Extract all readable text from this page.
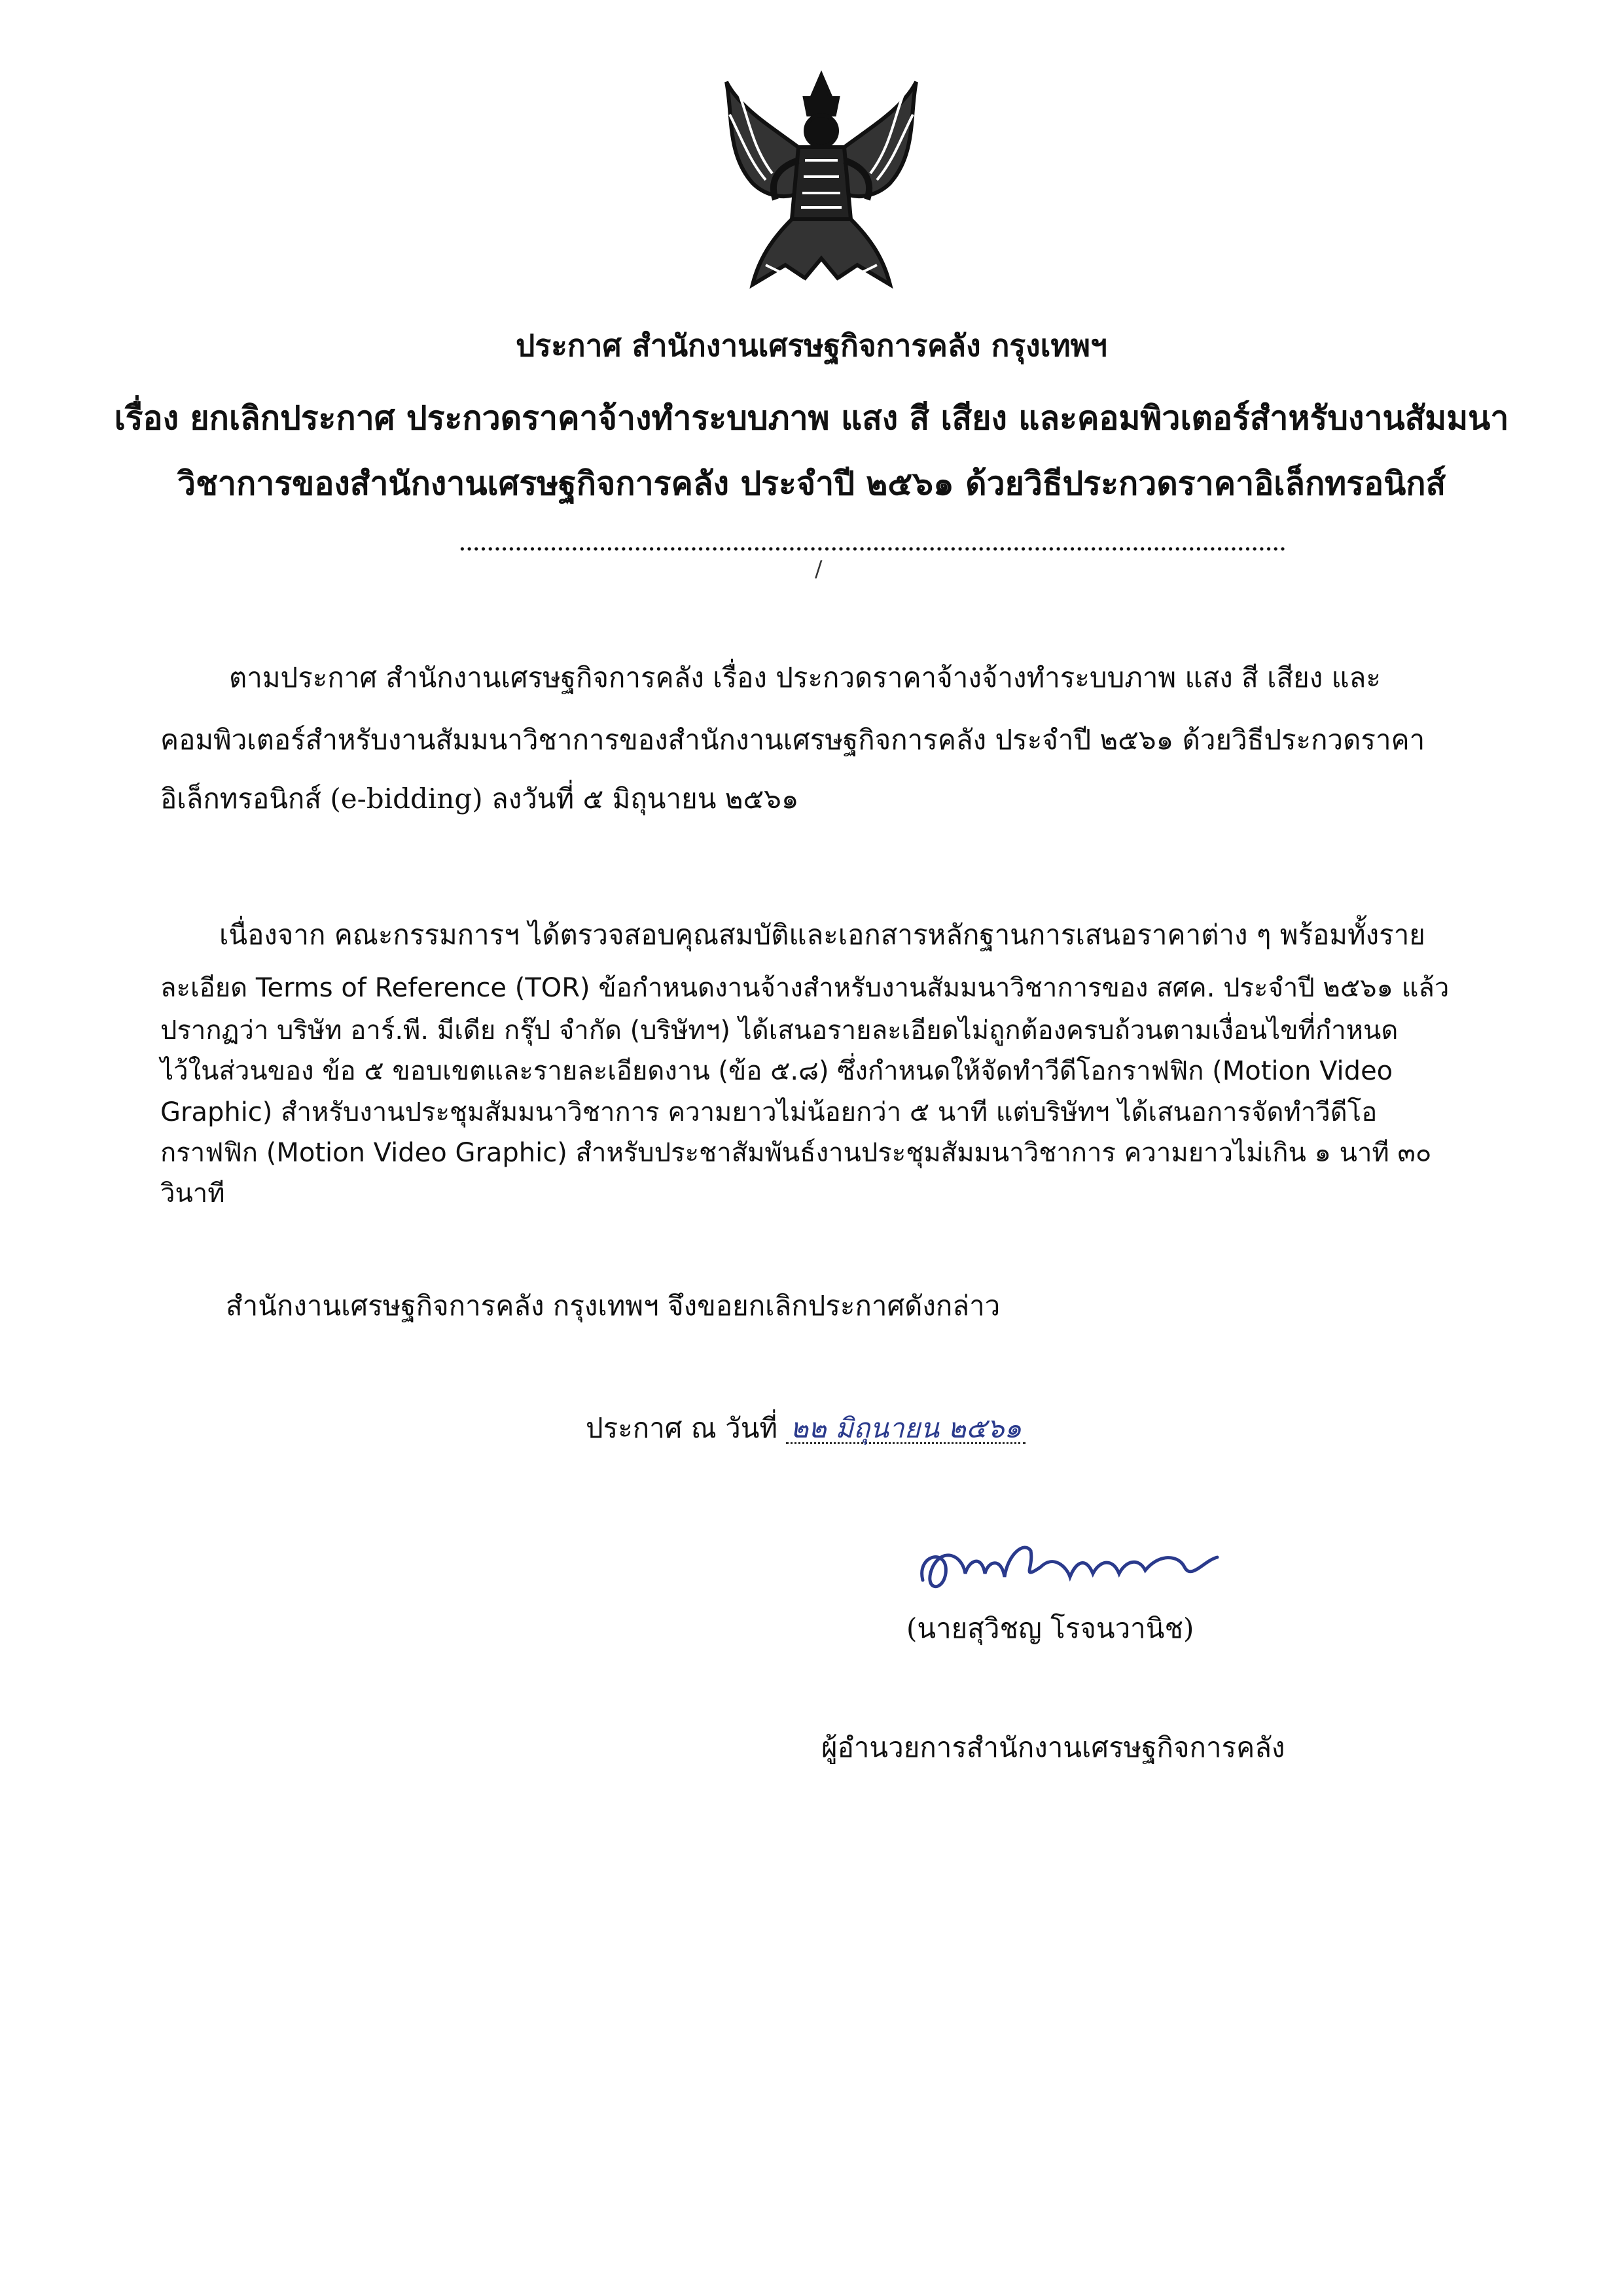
ประกาศ สำนักงานเศรษฐกิจการคลัง กรุงเทพฯ
เรื่อง ยกเลิกประกาศ ประกวดราคาจ้างทำระบบภาพ แสง สี เสียง และคอมพิวเตอร์สำหรับงานสัมมนา
วิชาการของสำนักงานเศรษฐกิจการคลัง ประจำปี ๒๕๖๑ ด้วยวิธีประกวดราคาอิเล็กทรอนิกส์
......................................................................................................................
/
ตามประกาศ สำนักงานเศรษฐกิจการคลัง เรื่อง ประกวดราคาจ้างจ้างทำระบบภาพ แสง สี เสียง และ
คอมพิวเตอร์สำหรับงานสัมมนาวิชาการของสำนักงานเศรษฐกิจการคลัง ประจำปี ๒๕๖๑ ด้วยวิธีประกวดราคา
อิเล็กทรอนิกส์ (e-bidding) ลงวันที่ ๕ มิถุนายน ๒๕๖๑
เนื่องจาก คณะกรรมการฯ ได้ตรวจสอบคุณสมบัติและเอกสารหลักฐานการเสนอราคาต่าง ๆ พร้อมทั้งราย
ละเอียด Terms of Reference (TOR) ข้อกำหนดงานจ้างสำหรับงานสัมมนาวิชาการของ สศค. ประจำปี ๒๕๖๑ แล้ว
ปรากฏว่า บริษัท อาร์.พี. มีเดีย กรุ๊ป จำกัด (บริษัทฯ) ได้เสนอรายละเอียดไม่ถูกต้องครบถ้วนตามเงื่อนไขที่กำหนด
ไว้ในส่วนของ ข้อ ๕ ขอบเขตและรายละเอียดงาน (ข้อ ๕.๘) ซึ่งกำหนดให้จัดทำวีดีโอกราฟฟิก (Motion Video
Graphic) สำหรับงานประชุมสัมมนาวิชาการ ความยาวไม่น้อยกว่า ๕ นาที แต่บริษัทฯ ได้เสนอการจัดทำวีดีโอ
กราฟฟิก (Motion Video Graphic) สำหรับประชาสัมพันธ์งานประชุมสัมมนาวิชาการ ความยาวไม่เกิน ๑ นาที ๓๐
วินาที
สำนักงานเศรษฐกิจการคลัง กรุงเทพฯ จึงขอยกเลิกประกาศดังกล่าว
ประกาศ ณ วันที่ ๒๒ มิถุนายน ๒๕๖๑
(นายสุวิชญ โรจนวานิช)
ผู้อำนวยการสำนักงานเศรษฐกิจการคลัง
